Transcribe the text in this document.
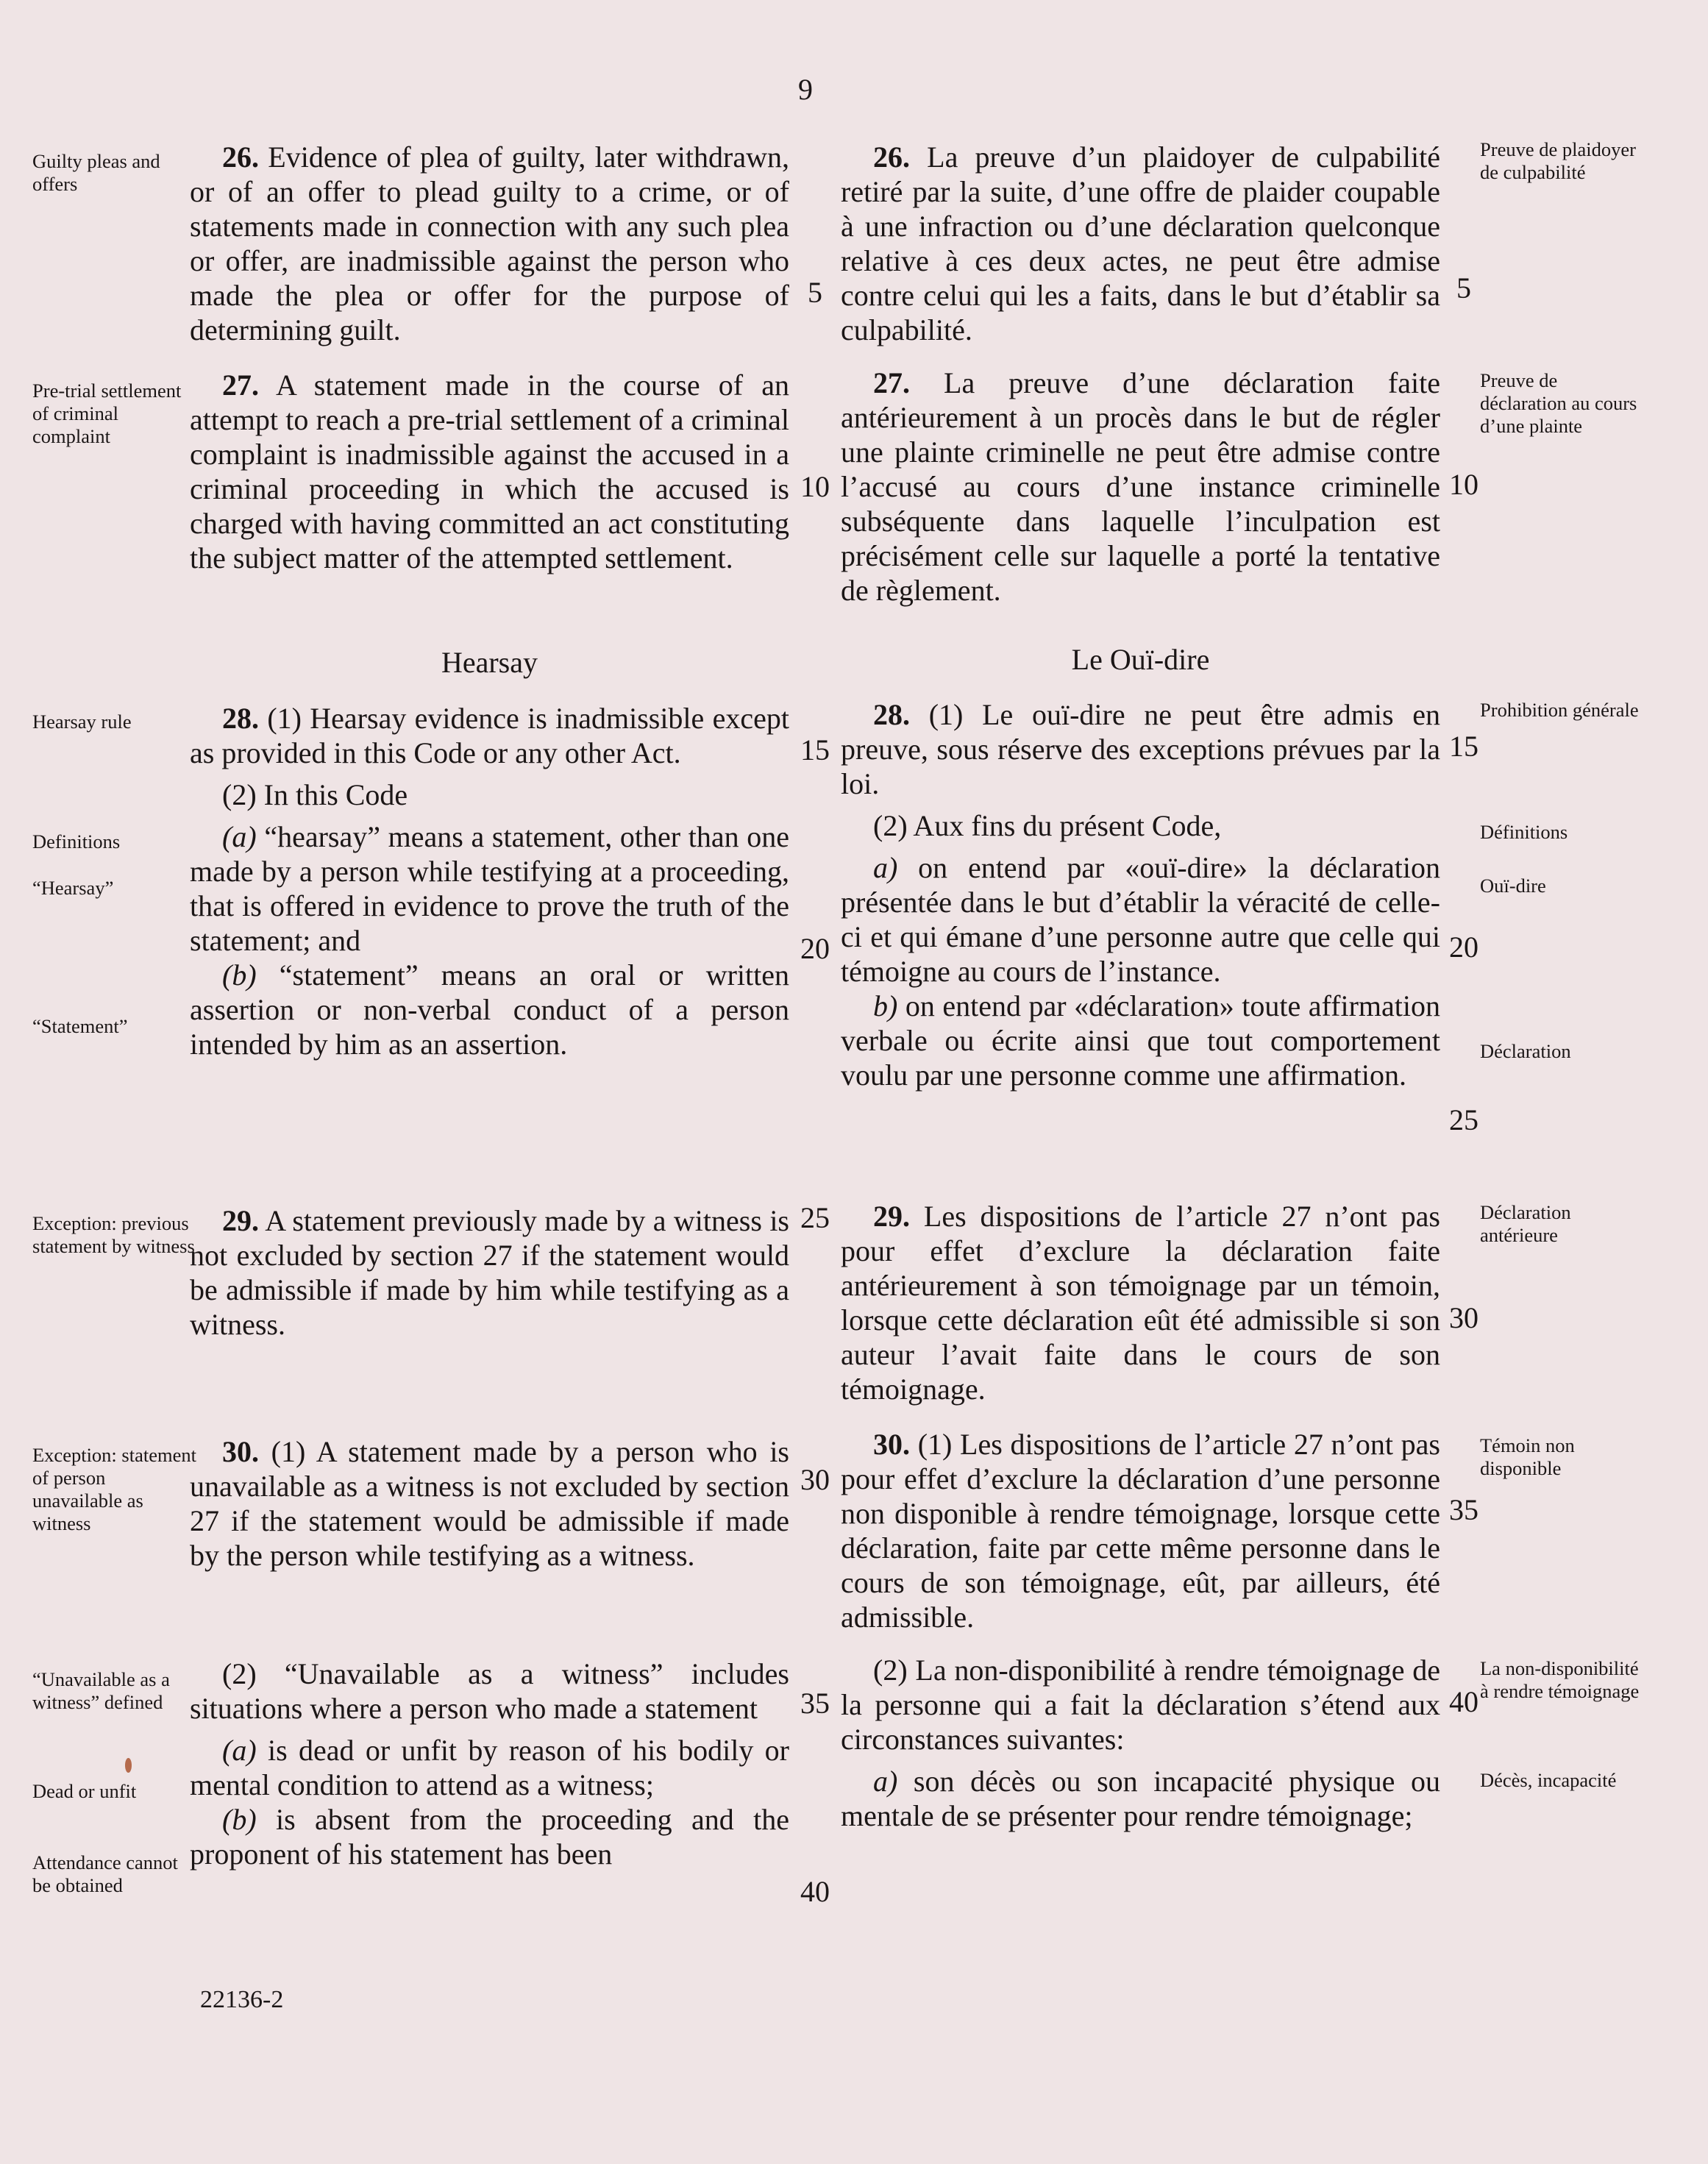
9
Guilty pleas and offers
Pre-trial settlement of criminal complaint
Hearsay rule
Definitions
“Hearsay”
“Statement”
Exception: previous statement by witness
Exception: statement of person unavailable as witness
“Unavailable as a witness” defined
Dead or unfit
Attendance cannot be obtained
Preuve de plaidoyer de culpabilité
Preuve de déclaration au cours d’une plainte
Prohibition générale
Définitions
Ouï-dire
Déclaration
Déclaration antérieure
Témoin non disponible
La non-disponibilité à rendre témoignage
Décès, incapacité

26. Evidence of plea of guilty, later withdrawn, or of an offer to plead guilty to a crime, or of statements made in connection with any such plea or offer, are inadmissible against the person who made the plea or offer for the purpose of determining guilt.

27. A statement made in the course of an attempt to reach a pre-trial settlement of a criminal complaint is inadmissible against the accused in a criminal proceeding in which the accused is charged with having committed an act constituting the subject matter of the attempted settlement.

Hearsay

28. (1) Hearsay evidence is inadmissible except as provided in this Code or any other Act.

(2) In this Code

(a) “hearsay” means a statement, other than one made by a person while testifying at a proceeding, that is offered in evidence to prove the truth of the statement; and

(b) “statement” means an oral or written assertion or non-verbal conduct of a person intended by him as an assertion.

29. A statement previously made by a witness is not excluded by section 27 if the statement would be admissible if made by him while testifying as a witness.

30. (1) A statement made by a person who is unavailable as a witness is not excluded by section 27 if the statement would be admissible if made by the person while testifying as a witness.

(2) “Unavailable as a witness” includes situations where a person who made a statement

(a) is dead or unfit by reason of his bodily or mental condition to attend as a witness;

(b) is absent from the proceeding and the proponent of his statement has been

26. La preuve d’un plaidoyer de culpabilité retiré par la suite, d’une offre de plaider coupable à une infraction ou d’une déclaration quelconque relative à ces deux actes, ne peut être admise contre celui qui les a faits, dans le but d’établir sa culpabilité.

27. La preuve d’une déclaration faite antérieurement à un procès dans le but de régler une plainte criminelle ne peut être admise contre l’accusé au cours d’une instance criminelle subséquente dans laquelle l’inculpation est précisément celle sur laquelle a porté la tentative de règlement.

Le Ouï-dire

28. (1) Le ouï-dire ne peut être admis en preuve, sous réserve des exceptions prévues par la loi.

(2) Aux fins du présent Code,

a) on entend par «ouï-dire» la déclaration présentée dans le but d’établir la véracité de celle-ci et qui émane d’une personne autre que celle qui témoigne au cours de l’instance.

b) on entend par «déclaration» toute affirmation verbale ou écrite ainsi que tout comportement voulu par une personne comme une affirmation.

29. Les dispositions de l’article 27 n’ont pas pour effet d’exclure la déclaration faite antérieurement à son témoignage par un témoin, lorsque cette déclaration eût été admissible si son auteur l’avait faite dans le cours de son témoignage.

30. (1) Les dispositions de l’article 27 n’ont pas pour effet d’exclure la déclaration d’une personne non disponible à rendre témoignage, lorsque cette déclaration, faite par cette même personne dans le cours de son témoignage, eût, par ailleurs, été admissible.

(2) La non-disponibilité à rendre témoignage de la personne qui a fait la déclaration s’étend aux circonstances suivantes:

a) son décès ou son incapacité physique ou mentale de se présenter pour rendre témoignage;

5
10
15
20
25
30
35
40
5
10
15
20
25
30
35
40
22136-2
